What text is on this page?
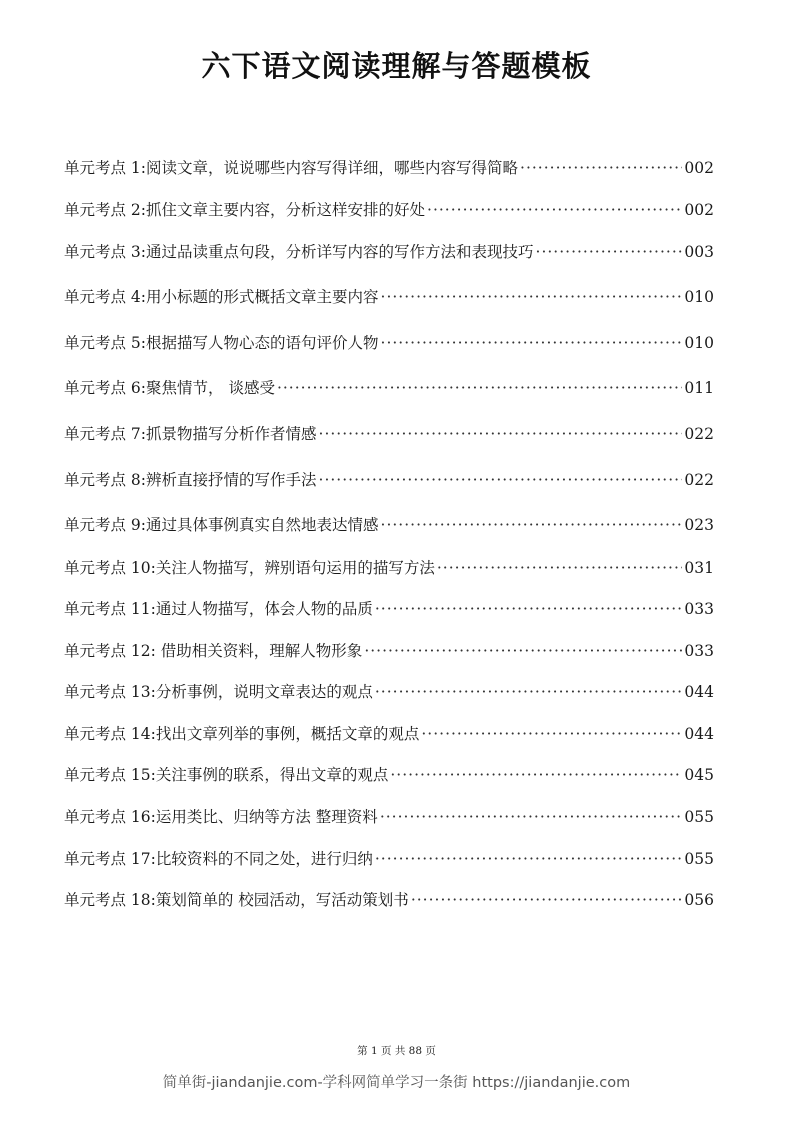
六下语文阅读理解与答题模板
单元考点 1:阅读文章，说说哪些内容写得详细，哪些内容写得简略 ·····	002
单元考点 2:抓住文章主要内容，分析这样安排的好处 ·····	002
单元考点 3:通过品读重点句段，分析详写内容的写作方法和表现技巧 ·····	003
单元考点 4:用小标题的形式概括文章主要内容 ·····	010
单元考点 5:根据描写人物心态的语句评价人物 ·····	010
单元考点 6:聚焦情节， 谈感受 ·····	011
单元考点 7:抓景物描写分析作者情感 ·····	022
单元考点 8:辨析直接抒情的写作手法 ·····	022
单元考点 9:通过具体事例真实自然地表达情感 ·····	023
单元考点 10:关注人物描写，辨别语句运用的描写方法 ·····	031
单元考点 11:通过人物描写，体会人物的品质 ·····	033
单元考点 12: 借助相关资料，理解人物形象 ·····	033
单元考点 13:分析事例，说明文章表达的观点 ·····	044
单元考点 14:找出文章列举的事例，概括文章的观点 ·····	044
单元考点 15:关注事例的联系，得出文章的观点 ·····	045
单元考点 16:运用类比、归纳等方法 整理资料 ·····	055
单元考点 17:比较资料的不同之处，进行归纳 ·····	055
单元考点 18:策划简单的 校园活动，写活动策划书 ·····	056
第 1 页 共 88 页
简单街-jiandanjie.com-学科网简单学习一条街 https://jiandanjie.com
